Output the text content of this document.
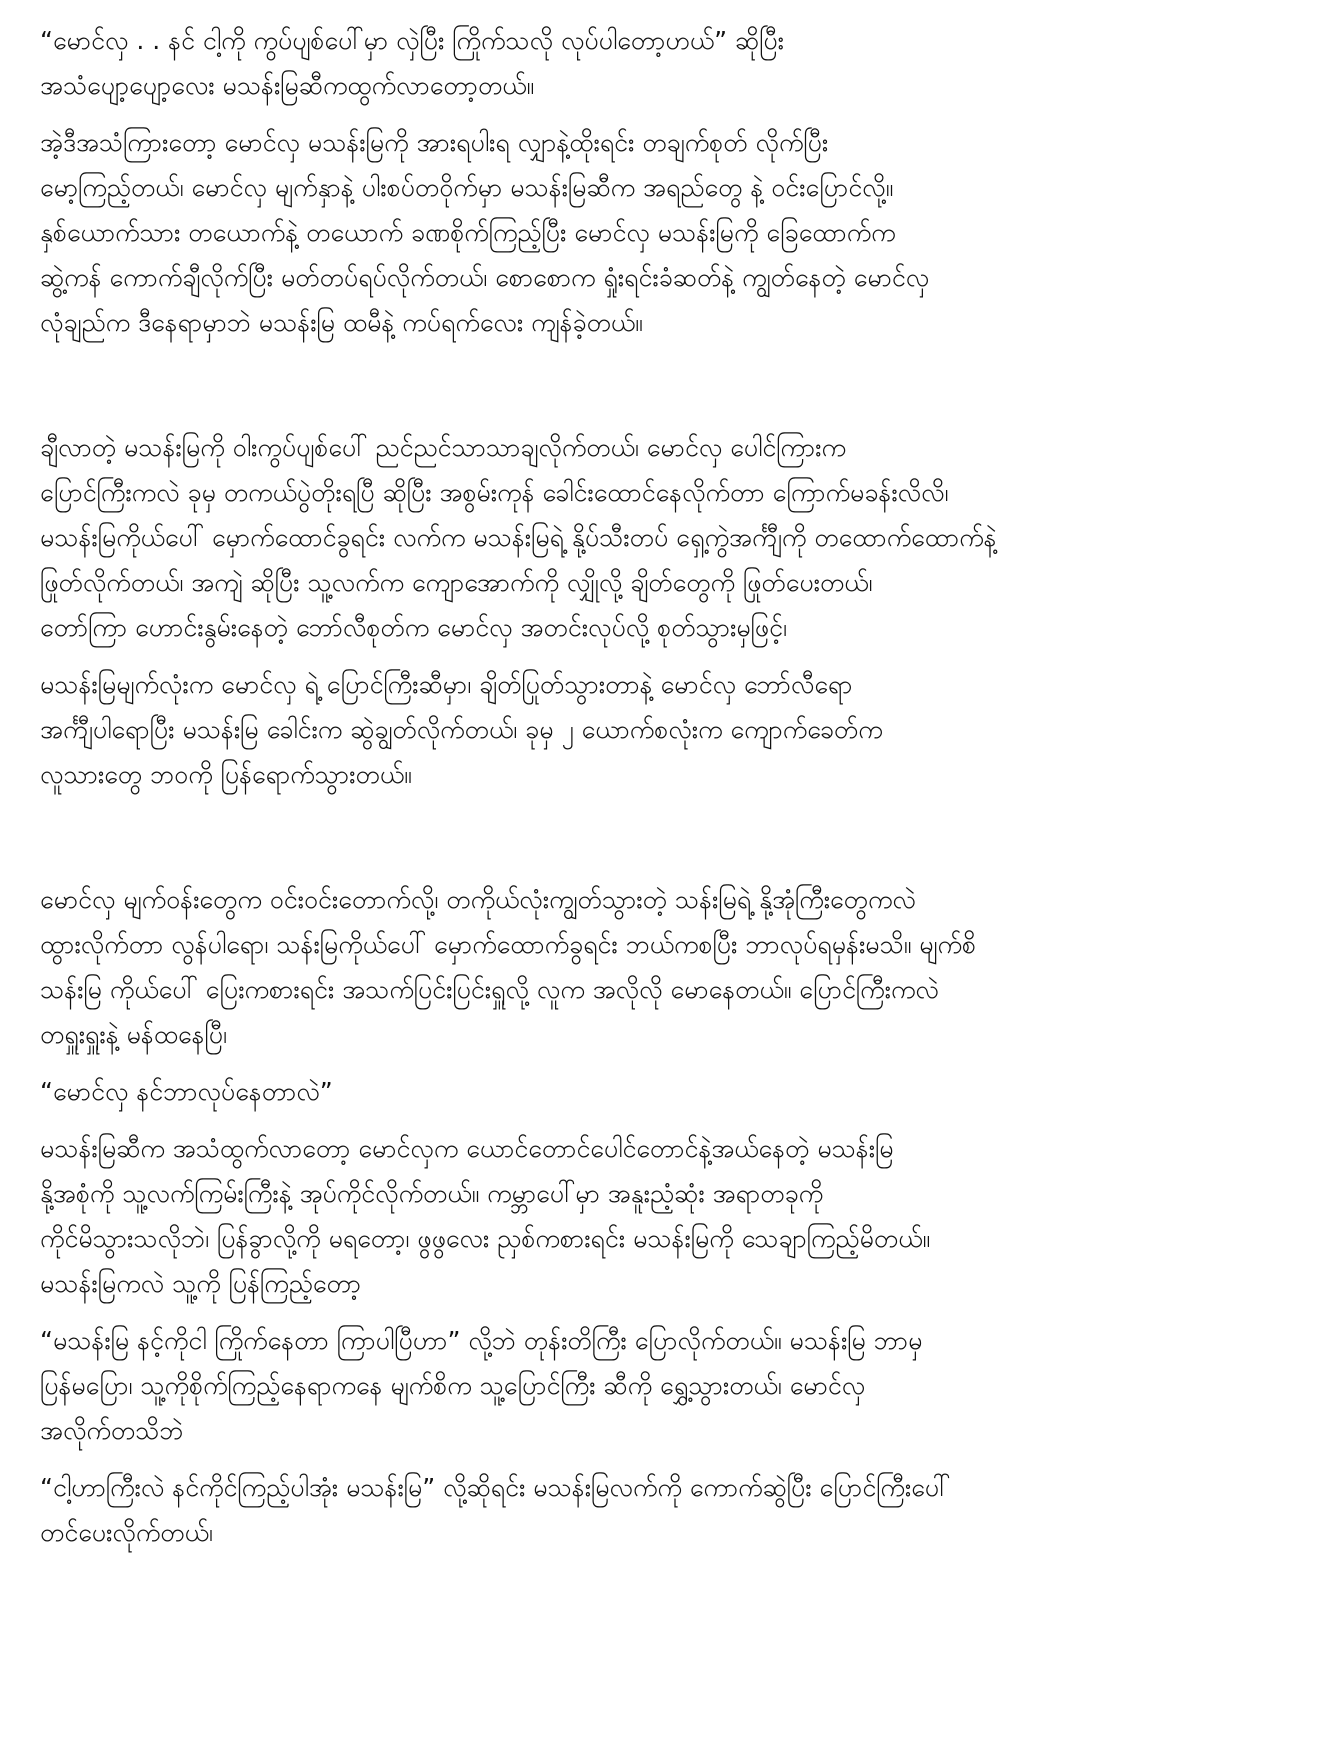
“မောင်လှ . . နင် ငါ့ကို ကွပ်ပျစ်ပေါ်မှာ လှဲပြီး ကြိုက်သလို လုပ်ပါတော့ဟယ်” ဆိုပြီး
အသံပျော့ပျော့လေး မသန်းမြဆီကထွက်လာတော့တယ်။

အဲ့ဒီအသံကြားတော့ မောင်လှ မသန်းမြကို အားရပါးရ လျှာနဲ့ထိုးရင်း တချက်စုတ် လိုက်ပြီး
မော့ကြည့်တယ်၊ မောင်လှ မျက်နှာနဲ့ ပါးစပ်တဝိုက်မှာ မသန်းမြဆီက အရည်တွေ နဲ့ ဝင်းပြောင်လို့။
နှစ်ယောက်သား တယောက်နဲ့ တယောက် ခဏစိုက်ကြည့်ပြီး မောင်လှ မသန်းမြကို ခြေထောက်က
ဆွဲ့ကန် ကောက်ချီလိုက်ပြီး မတ်တပ်ရပ်လိုက်တယ်၊ စောစောက ရှုံးရင်းခံဆတ်နဲ့ ကျွတ်နေတဲ့ မောင်လှ
လုံချည်က ဒီနေရာမှာဘဲ မသန်းမြ ထမီနဲ့ ကပ်ရက်လေး ကျန်ခဲ့တယ်။

ချီလာတဲ့ မသန်းမြကို ဝါးကွပ်ပျစ်ပေါ် ညင်ညင်သာသာချလိုက်တယ်၊ မောင်လှ ပေါင်ကြားက
ပြောင်ကြီးကလဲ ခုမှ တကယ်ပွဲတိုးရပြီ ဆိုပြီး အစွမ်းကုန် ခေါင်းထောင်နေလိုက်တာ ကြောက်မခန်းလိလိ၊
မသန်းမြကိုယ်ပေါ် မှောက်ထောင်ခွရင်း လက်က မသန်းမြရဲ့ နို့ပ်သီးတပ် ရှေ့ကွဲအင်္ကျီကို တထောက်ထောက်နဲ့
ဖြုတ်လိုက်တယ်၊ အကျဲ ဆိုပြီး သူ့လက်က ကျောအောက်ကို လျှိုလို့ ချိတ်တွေကို ဖြုတ်ပေးတယ်၊
တော်ကြာ ဟောင်းနွမ်းနေတဲ့ ဘော်လီစုတ်က မောင်လှ အတင်းလုပ်လို့ စုတ်သွားမှဖြင့်၊

မသန်းမြမျက်လုံးက မောင်လှ ရဲ့ ပြောင်ကြီးဆီမှာ၊ ချိတ်ပြုတ်သွားတာနဲ့ မောင်လှ ဘော်လီရော
အင်္ကျီပါရောပြီး မသန်းမြ ခေါင်းက ဆွဲချွတ်လိုက်တယ်၊ ခုမှ ၂ ယောက်စလုံးက ကျောက်ခေတ်က
လူသားတွေ ဘဝကို ပြန်ရောက်သွားတယ်။

မောင်လှ မျက်ဝန်းတွေက ဝင်းဝင်းတောက်လို့၊ တကိုယ်လုံးကျွတ်သွားတဲ့ သန်းမြရဲ့ နို့အုံကြီးတွေကလဲ
ထွားလိုက်တာ လွန်ပါရော၊ သန်းမြကိုယ်ပေါ် မှောက်ထောက်ခွရင်း ဘယ်ကစပြီး ဘာလုပ်ရမှန်းမသိ။ မျက်စိ
သန်းမြ ကိုယ်ပေါ် ပြေးကစားရင်း အသက်ပြင်းပြင်းရှူလို့ လူက အလိုလို မောနေတယ်။ ပြောင်ကြီးကလဲ
တရှူးရှူးနဲ့ မန်ထနေပြီ၊

“မောင်လှ နင်ဘာလုပ်နေတာလဲ”

မသန်းမြဆီက အသံထွက်လာတော့ မောင်လှက ယောင်တောင်ပေါင်တောင်နဲ့အယ်နေတဲ့ မသန်းမြ
နို့အစုံကို သူ့လက်ကြမ်းကြီးနဲ့ အုပ်ကိုင်လိုက်တယ်။ ကမ္ဘာပေါ်မှာ အနူးညံ့ဆုံး အရာတခုကို
ကိုင်မိသွားသလိုဘဲ၊ ပြန်ခွာလို့ကို မရတော့၊ ဖွဖွလေး ညှစ်ကစားရင်း မသန်းမြကို သေချာကြည့်မိတယ်။
မသန်းမြကလဲ သူ့ကို ပြန်ကြည့်တော့

“မသန်းမြ နင့်ကိုငါ ကြိုက်နေတာ ကြာပါပြီဟာ” လို့ဘဲ တုန်းတိကြီး ပြောလိုက်တယ်။ မသန်းမြ ဘာမှ
ပြန်မပြော၊ သူ့ကိုစိုက်ကြည့်နေရာကနေ မျက်စိက သူ့ပြောင်ကြီး ဆီကို ရွှေ့သွားတယ်၊ မောင်လှ
အလိုက်တသိဘဲ

“ငါ့ဟာကြီးလဲ နင်ကိုင်ကြည့်ပါအုံး မသန်းမြ” လို့ဆိုရင်း မသန်းမြလက်ကို ကောက်ဆွဲပြီး ပြောင်ကြီးပေါ်
တင်ပေးလိုက်တယ်၊
